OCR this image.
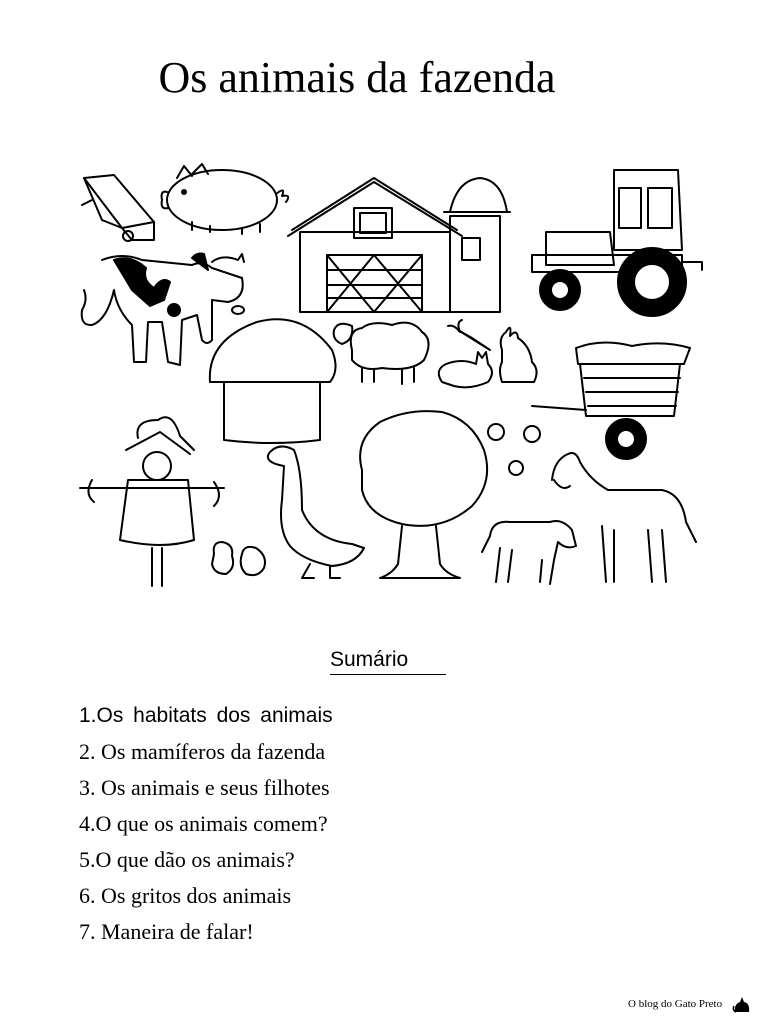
Os animais da fazenda
Sumário
1.Os habitats dos animais
2. Os mamíferos da fazenda
3. Os animais e seus filhotes
4.O que os animais comem?
5.O que dão os animais?
6. Os gritos dos animais
7. Maneira de falar!
O blog do Gato Preto
